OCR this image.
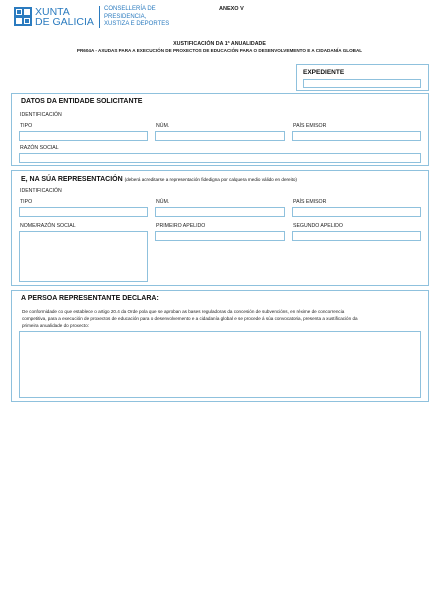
XUNTA
DE GALICIA
CONSELLERÍA DE
PRESIDENCIA,
XUSTIZA E DEPORTES
ANEXO V
XUSTIFICACIÓN DA 1ª ANUALIDADE
PR604A - AXUDAS PARA A EXECUCIÓN DE PROXECTOS DE EDUCACIÓN PARA O DESENVOLVEMENTO E A CIDADANÍA GLOBAL
EXPEDIENTE
DATOS DA ENTIDADE SOLICITANTE
IDENTIFICACIÓN
TIPO	NÚM.	PAÍS EMISOR
RAZÓN SOCIAL
E, NA SÚA REPRESENTACIÓN (deberá acreditarse a representación fidedigna por calquera medio válido en dereito)
IDENTIFICACIÓN
TIPO	NÚM.	PAÍS EMISOR
NOME/RAZÓN SOCIAL	PRIMEIRO APELIDO	SEGUNDO APELIDO
A PERSOA REPRESENTANTE DECLARA:
De conformidade co que establece o artigo 20.4 da Orde pola que se aproban as bases reguladoras da concesión de subvencións, en réxime de concorrencia
competitiva, para a execución de proxectos de educación para o desenvolvemento e a cidadanía global e se procede á súa convocatoria, presenta a xustificación da
primeira anualidade do proxecto:
